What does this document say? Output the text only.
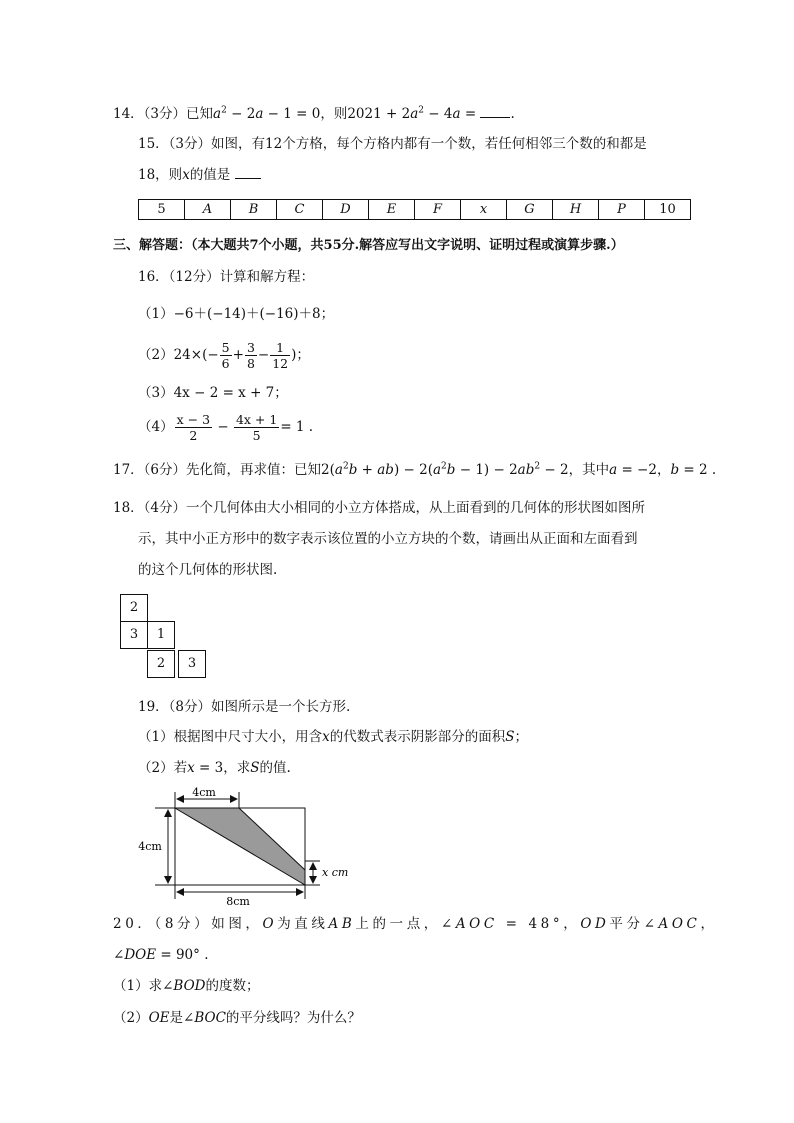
14．（3分）已知$a^2 - 2a - 1 = 0$，则$2021 + 2a^2 - 4a$ = .
15．（3分）如图，有12个方格，每个方格内都有一个数，若任何相邻三个数的和都是
18，则x的值是
5	A	B	C	D	E	F	x	G	H	P	10
三、解答题：（本大题共7个小题，共55分.解答应写出文字说明、证明过程或演算步骤.）
16．（12分）计算和解方程：
（1）−6＋(−14)＋(−16)＋8；
$(2)24\times(- \frac{5}{6} + \frac{3}{8} - \frac{1}{12}$ )；
（3）4x − 2 = x + 7；
$(4) \frac{x - 3}{2} - \frac{4x + 1}{5} = 1$ .
17．（6分）先化简，再求值：已知$2(a^2b + ab) - 2(a^2b - 1) - 2ab^2 - 2$，其中a = −2，b = 2 .
18．（4分）一个几何体由大小相同的小立方体搭成，从上面看到的几何体的形状图如图所
示，其中小正方形中的数字表示该位置的小立方块的个数，请画出从正面和左面看到
的这个几何体的形状图.
2
3	1
2	3
19．（8分）如图所示是一个长方形.
（1）根据图中尺寸大小，用含x的代数式表示阴影部分的面积S；
（2）若x = 3，求S的值.
4cm
4cm
8cm
x cm
20．（8分）如图，O为直线AB上的一点，∠AOC = 48°，OD平分∠AOC，
∠DOE = 90° .
（1）求∠BOD的度数；
（2）OE是∠BOC的平分线吗？为什么？
